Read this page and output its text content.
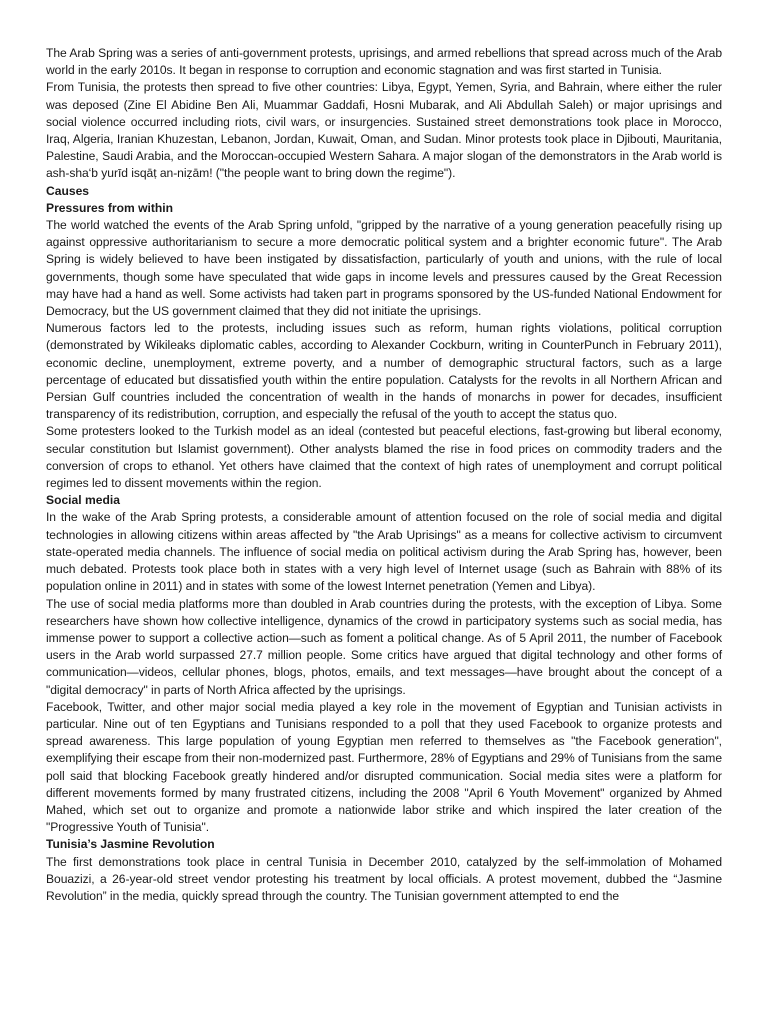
The Arab Spring was a series of anti-government protests, uprisings, and armed rebellions that spread across much of the Arab world in the early 2010s. It began in response to corruption and economic stagnation and was first started in Tunisia.

From Tunisia, the protests then spread to five other countries: Libya, Egypt, Yemen, Syria, and Bahrain, where either the ruler was deposed (Zine El Abidine Ben Ali, Muammar Gaddafi, Hosni Mubarak, and Ali Abdullah Saleh) or major uprisings and social violence occurred including riots, civil wars, or insurgencies. Sustained street demonstrations took place in Morocco, Iraq, Algeria, Iranian Khuzestan, Lebanon, Jordan, Kuwait, Oman, and Sudan. Minor protests took place in Djibouti, Mauritania, Palestine, Saudi Arabia, and the Moroccan-occupied Western Sahara. A major slogan of the demonstrators in the Arab world is ash-sha‘b yurīd isqāṭ an-niẓām! ("the people want to bring down the regime").

Causes
Pressures from within

The world watched the events of the Arab Spring unfold, "gripped by the narrative of a young generation peacefully rising up against oppressive authoritarianism to secure a more democratic political system and a brighter economic future". The Arab Spring is widely believed to have been instigated by dissatisfaction, particularly of youth and unions, with the rule of local governments, though some have speculated that wide gaps in income levels and pressures caused by the Great Recession may have had a hand as well. Some activists had taken part in programs sponsored by the US-funded National Endowment for Democracy, but the US government claimed that they did not initiate the uprisings.

Numerous factors led to the protests, including issues such as reform, human rights violations, political corruption (demonstrated by Wikileaks diplomatic cables, according to Alexander Cockburn, writing in CounterPunch in February 2011), economic decline, unemployment, extreme poverty, and a number of demographic structural factors, such as a large percentage of educated but dissatisfied youth within the entire population. Catalysts for the revolts in all Northern African and Persian Gulf countries included the concentration of wealth in the hands of monarchs in power for decades, insufficient transparency of its redistribution, corruption, and especially the refusal of the youth to accept the status quo.

Some protesters looked to the Turkish model as an ideal (contested but peaceful elections, fast-growing but liberal economy, secular constitution but Islamist government). Other analysts blamed the rise in food prices on commodity traders and the conversion of crops to ethanol. Yet others have claimed that the context of high rates of unemployment and corrupt political regimes led to dissent movements within the region.

Social media

In the wake of the Arab Spring protests, a considerable amount of attention focused on the role of social media and digital technologies in allowing citizens within areas affected by "the Arab Uprisings" as a means for collective activism to circumvent state-operated media channels. The influence of social media on political activism during the Arab Spring has, however, been much debated. Protests took place both in states with a very high level of Internet usage (such as Bahrain with 88% of its population online in 2011) and in states with some of the lowest Internet penetration (Yemen and Libya).

The use of social media platforms more than doubled in Arab countries during the protests, with the exception of Libya. Some researchers have shown how collective intelligence, dynamics of the crowd in participatory systems such as social media, has immense power to support a collective action—such as foment a political change. As of 5 April 2011, the number of Facebook users in the Arab world surpassed 27.7 million people. Some critics have argued that digital technology and other forms of communication—videos, cellular phones, blogs, photos, emails, and text messages—have brought about the concept of a "digital democracy" in parts of North Africa affected by the uprisings.

Facebook, Twitter, and other major social media played a key role in the movement of Egyptian and Tunisian activists in particular. Nine out of ten Egyptians and Tunisians responded to a poll that they used Facebook to organize protests and spread awareness. This large population of young Egyptian men referred to themselves as "the Facebook generation", exemplifying their escape from their non-modernized past. Furthermore, 28% of Egyptians and 29% of Tunisians from the same poll said that blocking Facebook greatly hindered and/or disrupted communication. Social media sites were a platform for different movements formed by many frustrated citizens, including the 2008 "April 6 Youth Movement" organized by Ahmed Mahed, which set out to organize and promote a nationwide labor strike and which inspired the later creation of the "Progressive Youth of Tunisia".

Tunisia’s Jasmine Revolution

The first demonstrations took place in central Tunisia in December 2010, catalyzed by the self-immolation of Mohamed Bouazizi, a 26-year-old street vendor protesting his treatment by local officials. A protest movement, dubbed the “Jasmine Revolution” in the media, quickly spread through the country. The Tunisian government attempted to end the
